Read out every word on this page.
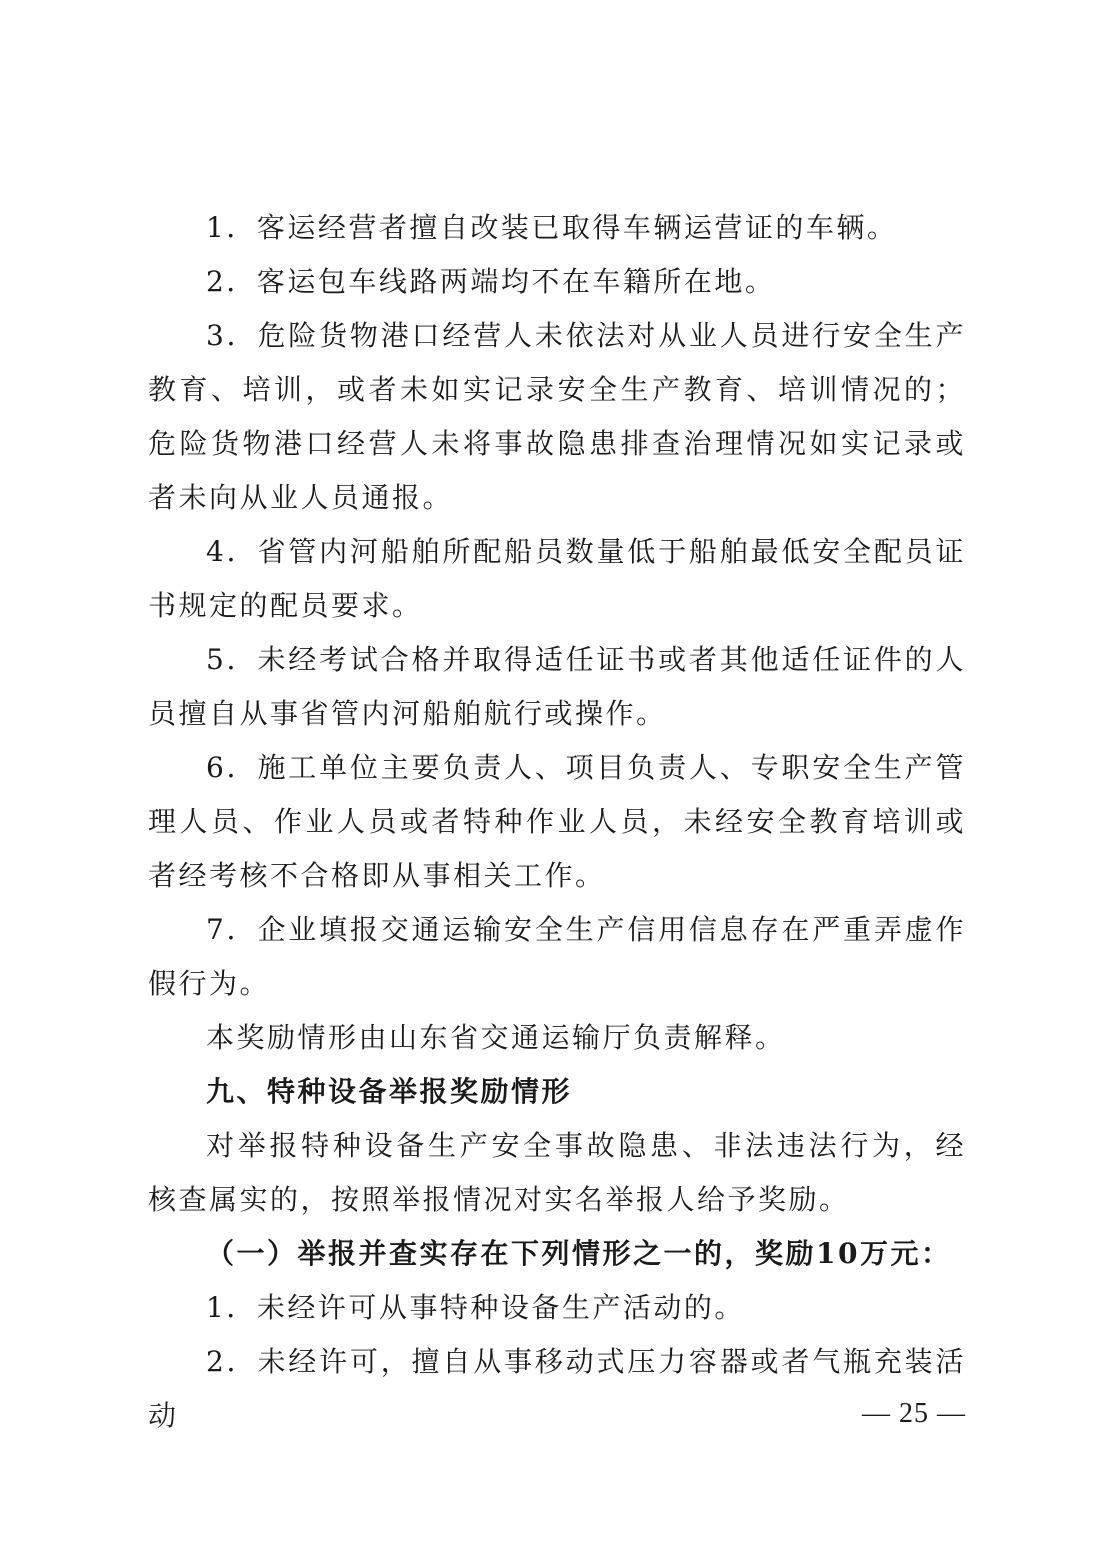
1．客运经营者擅自改装已取得车辆运营证的车辆。

2．客运包车线路两端均不在车籍所在地。

3．危险货物港口经营人未依法对从业人员进行安全生产教育、培训，或者未如实记录安全生产教育、培训情况的；危险货物港口经营人未将事故隐患排查治理情况如实记录或者未向从业人员通报。

4．省管内河船舶所配船员数量低于船舶最低安全配员证书规定的配员要求。

5．未经考试合格并取得适任证书或者其他适任证件的人员擅自从事省管内河船舶航行或操作。

6．施工单位主要负责人、项目负责人、专职安全生产管理人员、作业人员或者特种作业人员，未经安全教育培训或者经考核不合格即从事相关工作。

7．企业填报交通运输安全生产信用信息存在严重弄虚作假行为。

本奖励情形由山东省交通运输厅负责解释。

九、特种设备举报奖励情形

对举报特种设备生产安全事故隐患、非法违法行为，经核查属实的，按照举报情况对实名举报人给予奖励。

（一）举报并查实存在下列情形之一的，奖励10万元：

1．未经许可从事特种设备生产活动的。

2．未经许可，擅自从事移动式压力容器或者气瓶充装活动	— 25 —
